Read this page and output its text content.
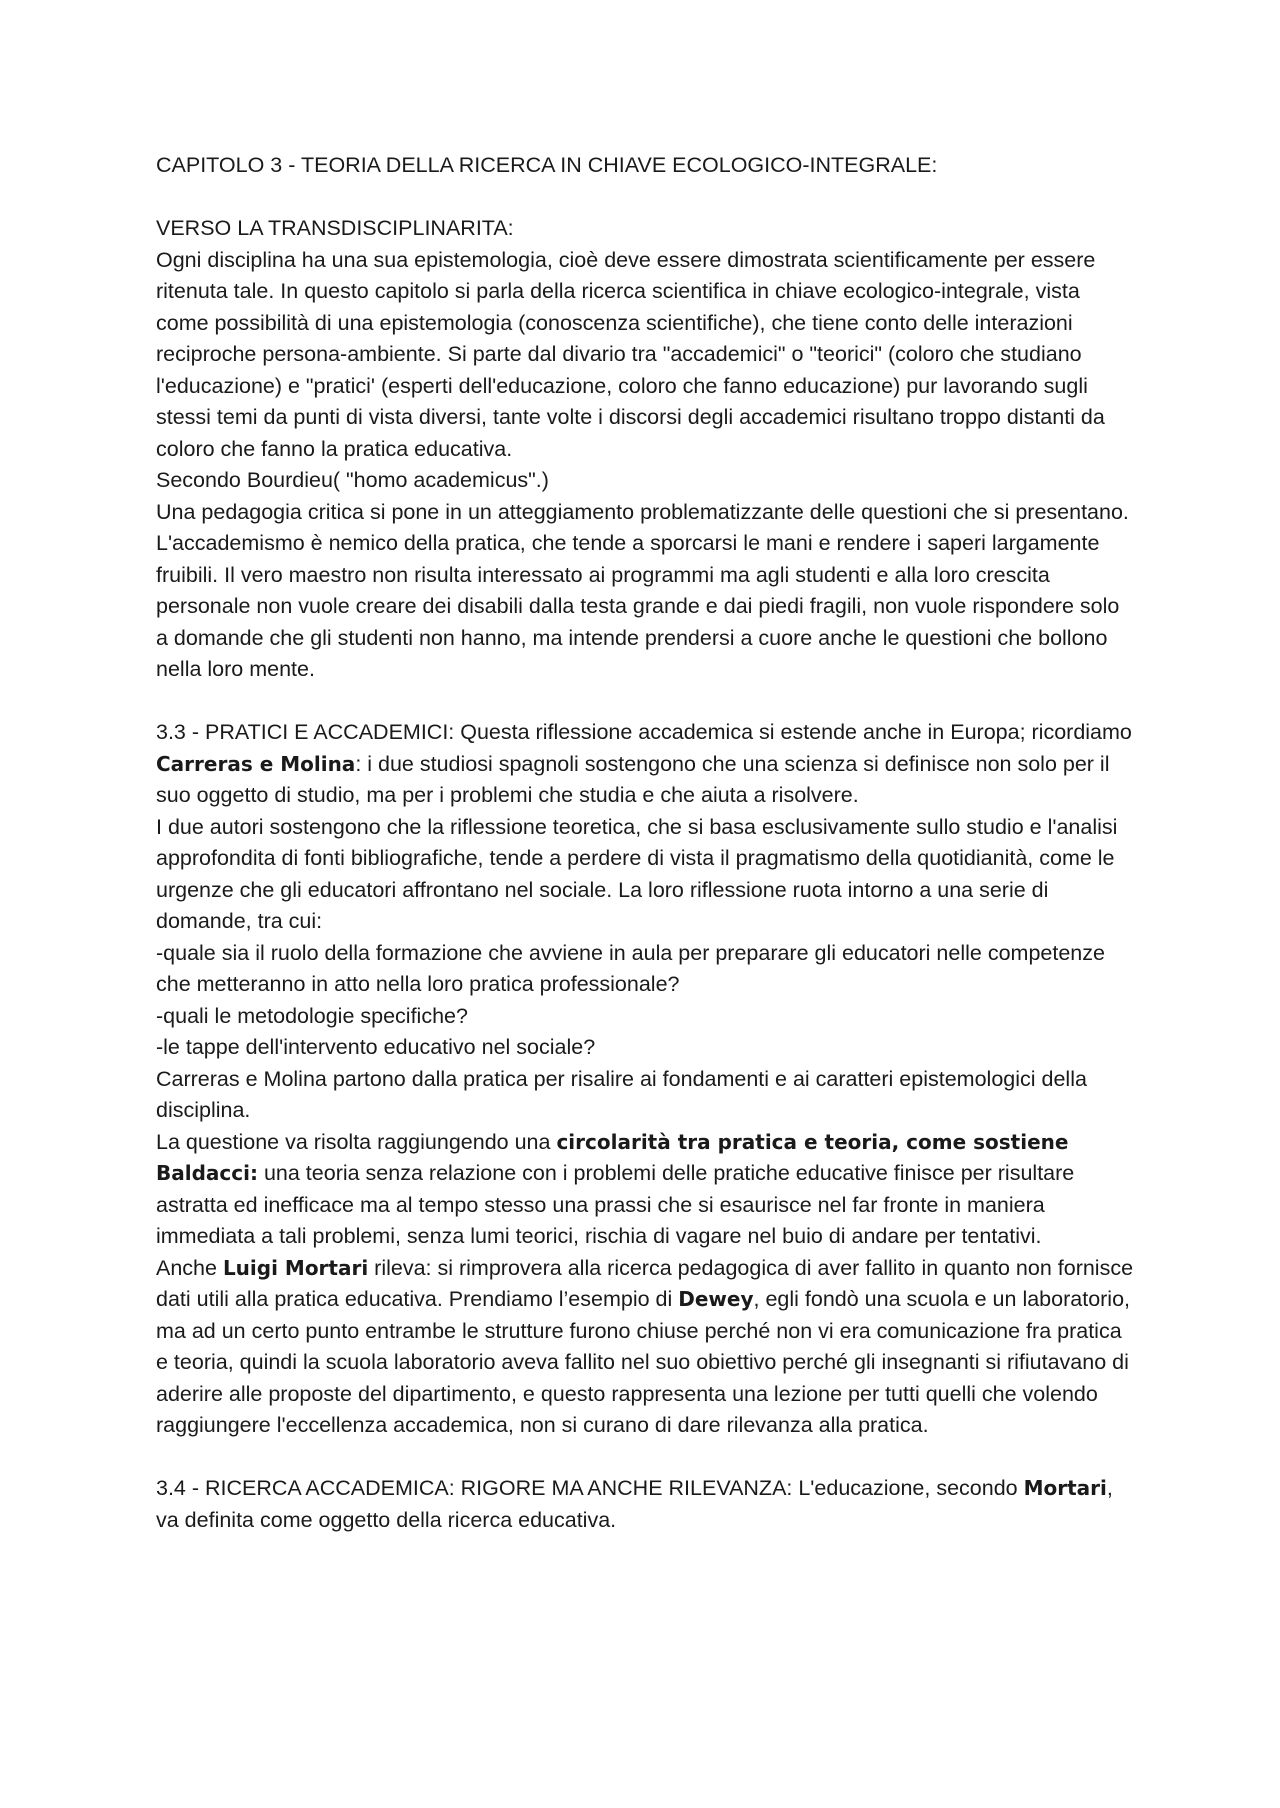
CAPITOLO 3 - TEORIA DELLA RICERCA IN CHIAVE ECOLOGICO-INTEGRALE:

VERSO LA TRANSDISCIPLINARITA:

Ogni disciplina ha una sua epistemologia, cioè deve essere dimostrata scientificamente per essere ritenuta tale. In questo capitolo si parla della ricerca scientifica in chiave ecologico-integrale, vista come possibilità di una epistemologia (conoscenza scientifiche), che tiene conto delle interazioni reciproche persona-ambiente. Si parte dal divario tra "accademici" o "teorici" (coloro che studiano l'educazione) e "pratici' (esperti dell'educazione, coloro che fanno educazione) pur lavorando sugli stessi temi da punti di vista diversi, tante volte i discorsi degli accademici risultano troppo distanti da coloro che fanno la pratica educativa.

Secondo Bourdieu( "homo academicus".)

Una pedagogia critica si pone in un atteggiamento problematizzante delle questioni che si presentano. L'accademismo è nemico della pratica, che tende a sporcarsi le mani e rendere i saperi largamente fruibili. Il vero maestro non risulta interessato ai programmi ma agli studenti e alla loro crescita personale non vuole creare dei disabili dalla testa grande e dai piedi fragili, non vuole rispondere solo a domande che gli studenti non hanno, ma intende prendersi a cuore anche le questioni che bollono nella loro mente.

3.3 - PRATICI E ACCADEMICI: Questa riflessione accademica si estende anche in Europa; ricordiamo Carreras e Molina: i due studiosi spagnoli sostengono che una scienza si definisce non solo per il suo oggetto di studio, ma per i problemi che studia e che aiuta a risolvere.

I due autori sostengono che la riflessione teoretica, che si basa esclusivamente sullo studio e l'analisi approfondita di fonti bibliografiche, tende a perdere di vista il pragmatismo della quotidianità, come le urgenze che gli educatori affrontano nel sociale. La loro riflessione ruota intorno a una serie di domande, tra cui:

-quale sia il ruolo della formazione che avviene in aula per preparare gli educatori nelle competenze che metteranno in atto nella loro pratica professionale?

-quali le metodologie specifiche?

-le tappe dell'intervento educativo nel sociale?

Carreras e Molina partono dalla pratica per risalire ai fondamenti e ai caratteri epistemologici della disciplina.

La questione va risolta raggiungendo una circolarità tra pratica e teoria, come sostiene Baldacci: una teoria senza relazione con i problemi delle pratiche educative finisce per risultare astratta ed inefficace ma al tempo stesso una prassi che si esaurisce nel far fronte in maniera immediata a tali problemi, senza lumi teorici, rischia di vagare nel buio di andare per tentativi.

Anche Luigi Mortari rileva: si rimprovera alla ricerca pedagogica di aver fallito in quanto non fornisce dati utili alla pratica educativa. Prendiamo l’esempio di Dewey, egli fondò una scuola e un laboratorio, ma ad un certo punto entrambe le strutture furono chiuse perché non vi era comunicazione fra pratica e teoria, quindi la scuola laboratorio aveva fallito nel suo obiettivo perché gli insegnanti si rifiutavano di aderire alle proposte del dipartimento, e questo rappresenta una lezione per tutti quelli che volendo raggiungere l'eccellenza accademica, non si curano di dare rilevanza alla pratica.

3.4 - RICERCA ACCADEMICA: RIGORE MA ANCHE RILEVANZA: L'educazione, secondo Mortari, va definita come oggetto della ricerca educativa.
